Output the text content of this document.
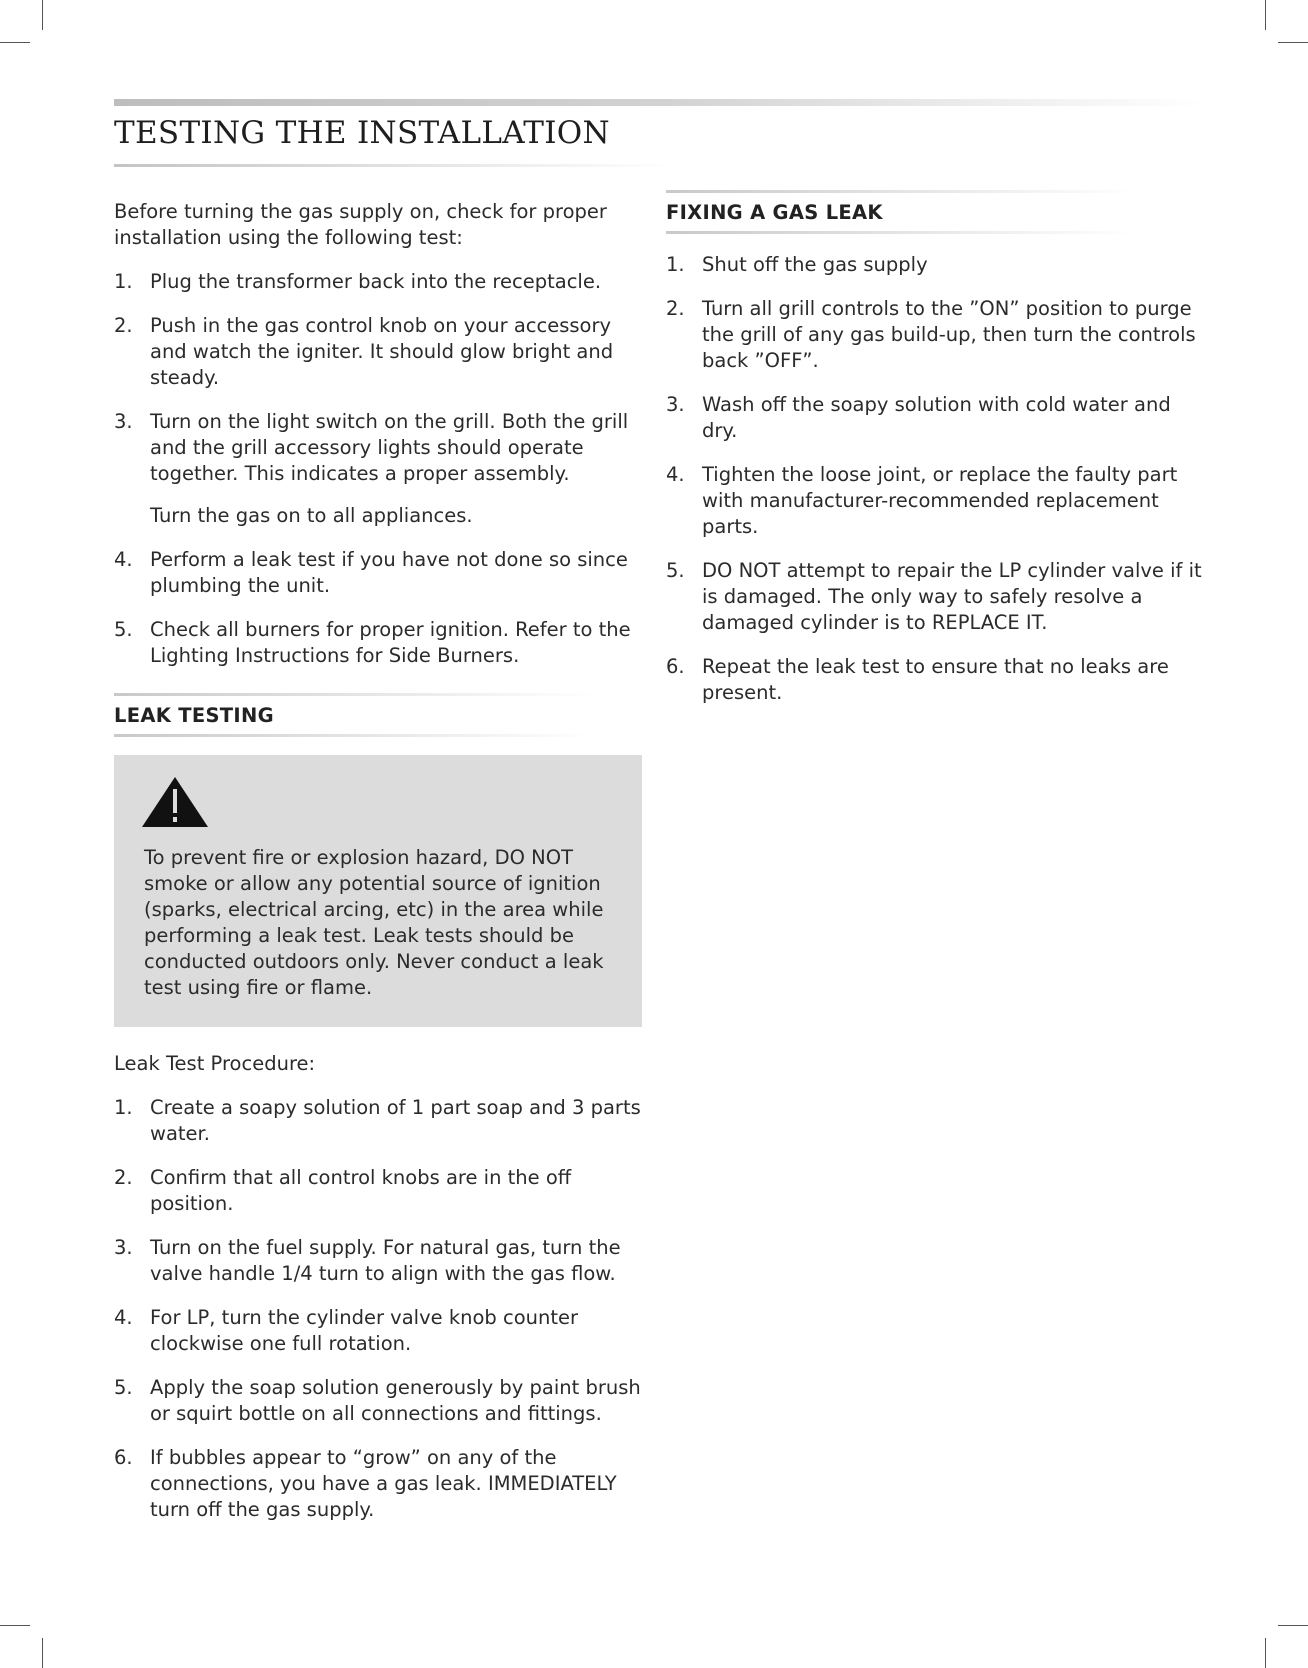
TESTING THE INSTALLATION

Before turning the gas supply on, check for proper installation using the following test:

1. Plug the transformer back into the receptacle.
2. Push in the gas control knob on your accessory and watch the igniter. It should glow bright and steady.
3. Turn on the light switch on the grill. Both the grill and the grill accessory lights should operate together. This indicates a proper assembly.

Turn the gas on to all appliances.

4. Perform a leak test if you have not done so since plumbing the unit.
5. Check all burners for proper ignition. Refer to the Lighting Instructions for Side Burners.
LEAK TESTING

To prevent fire or explosion hazard, DO NOT smoke or allow any potential source of ignition (sparks, electrical arcing, etc) in the area while performing a leak test. Leak tests should be conducted outdoors only. Never conduct a leak test using fire or flame.

Leak Test Procedure:

1. Create a soapy solution of 1 part soap and 3 parts water.
2. Confirm that all control knobs are in the off position.
3. Turn on the fuel supply. For natural gas, turn the valve handle 1/4 turn to align with the gas flow.
4. For LP, turn the cylinder valve knob counter clockwise one full rotation.
5. Apply the soap solution generously by paint brush or squirt bottle on all connections and fittings.
6. If bubbles appear to “grow” on any of the connections, you have a gas leak. IMMEDIATELY turn off the gas supply.
FIXING A GAS LEAK
1. Shut off the gas supply
2. Turn all grill controls to the ”ON” position to purge the grill of any gas build-up, then turn the controls back ”OFF”.
3. Wash off the soapy solution with cold water and dry.
4. Tighten the loose joint, or replace the faulty part with manufacturer-recommended replacement parts.
5. DO NOT attempt to repair the LP cylinder valve if it is damaged. The only way to safely resolve a damaged cylinder is to REPLACE IT.
6. Repeat the leak test to ensure that no leaks are present.
